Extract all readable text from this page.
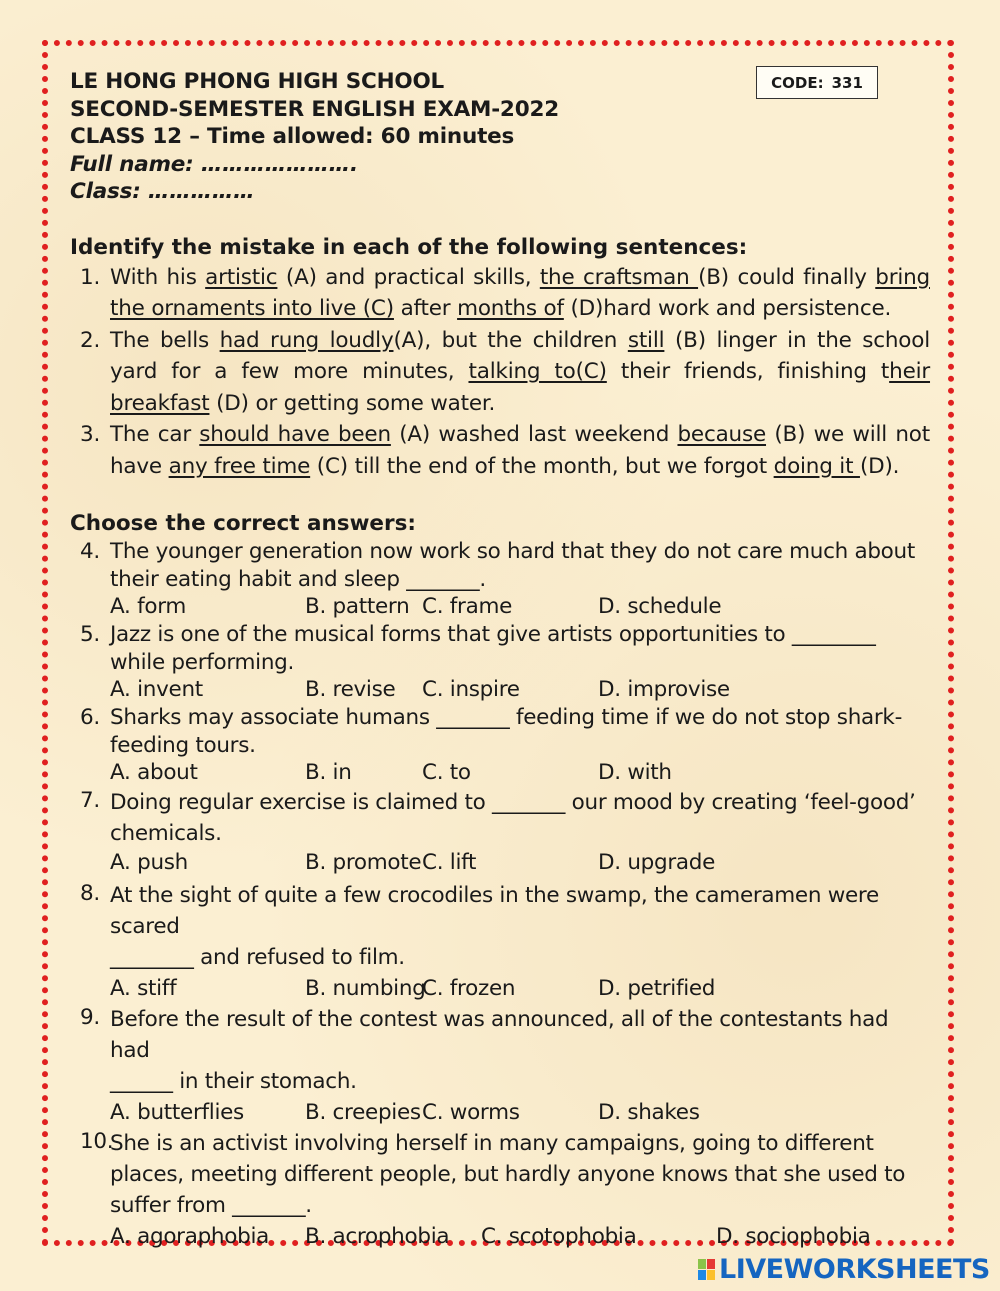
CODE: 331
LE HONG PHONG HIGH SCHOOL
SECOND-SEMESTER ENGLISH EXAM-2022
CLASS 12 – Time allowed: 60 minutes
Full name: ………………….
Class: ……………
Identify the mistake in each of the following sentences:
1. With his artistic (A) and practical skills, the craftsman (B) could finally bring the ornaments into live (C) after months of (D)hard work and persistence.
2. The bells had rung loudly(A), but the children still (B) linger in the school yard for a few more minutes, talking to(C) their friends, finishing their breakfast (D) or getting some water.
3. The car should have been (A) washed last weekend because (B) we will not have any free time (C) till the end of the month, but we forgot doing it (D).
Choose the correct answers:
4. The younger generation now work so hard that they do not care much about
their eating habit and sleep _______.
A. form	B. pattern C. frame	D. schedule
5. Jazz is one of the musical forms that give artists opportunities to ________
while performing.
A. invent	B. revise C. inspire	D. improvise
6. Sharks may associate humans _______ feeding time if we do not stop shark-
feeding tours.
A. about	B. in	C. to	D. with
7. Doing regular exercise is claimed to _______ our mood by creating ‘feel-good’
chemicals.
A. push	B. promote C. lift	D. upgrade
8. At the sight of quite a few crocodiles in the swamp, the cameramen were scared
________ and refused to film.
A. stiff	B. numbing
C. frozen	D. petrified
9. Before the result of the contest was announced, all of the contestants had had
______ in their stomach.
A. butterflies	B. creepies C. worms	D. shakes
10.
She is an activist involving herself in many campaigns, going to different
places, meeting different people, but hardly anyone knows that she used to
suffer from _______.
A. agoraphobia B. acrophobia C. scotophobia	D. sociophobia
LIVEWORKSHEETS
